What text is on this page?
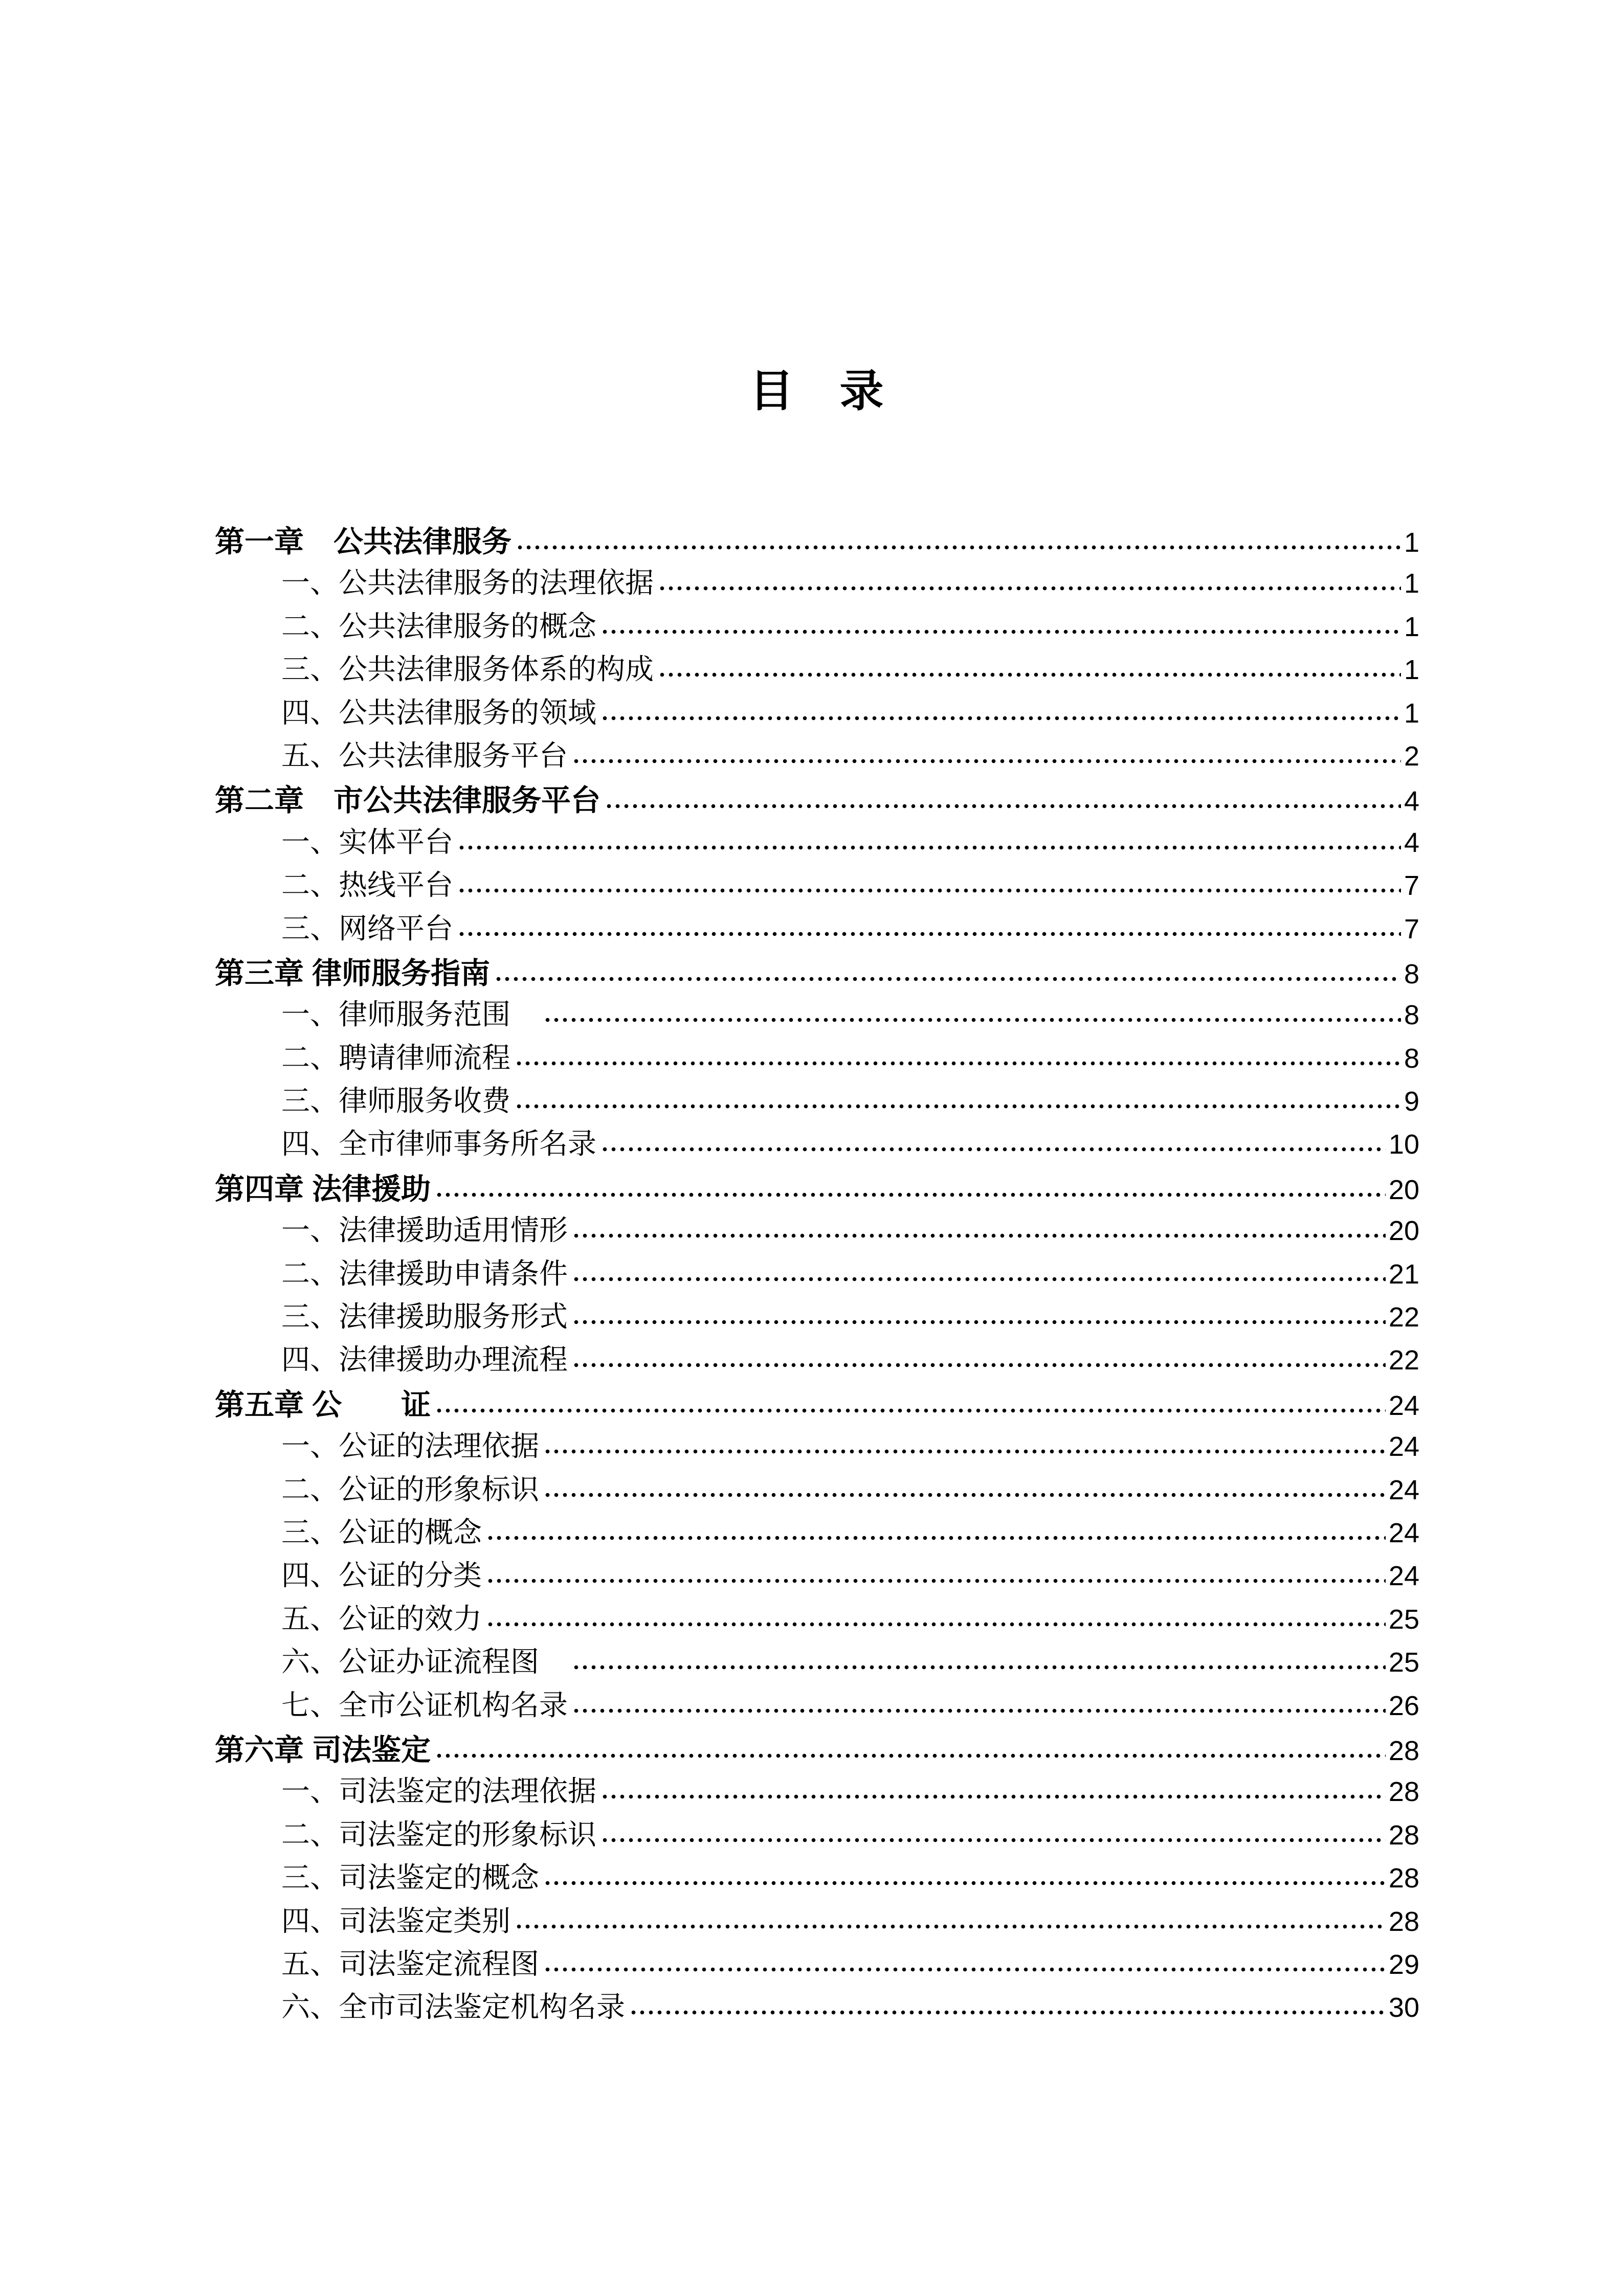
目　录
第一章　公共法律服务	1
一、公共法律服务的法理依据	1
二、公共法律服务的概念	1
三、公共法律服务体系的构成	1
四、公共法律服务的领域	1
五、公共法律服务平台	2
第二章　市公共法律服务平台	4
一、实体平台	4
二、热线平台	7
三、网络平台	7
第三章 律师服务指南	8
一、律师服务范围　	8
二、聘请律师流程	8
三、律师服务收费	9
四、全市律师事务所名录	10
第四章 法律援助	20
一、法律援助适用情形	20
二、法律援助申请条件	21
三、法律援助服务形式	22
四、法律援助办理流程	22
第五章 公　　证	24
一、公证的法理依据	24
二、公证的形象标识	24
三、公证的概念	24
四、公证的分类	24
五、公证的效力	25
六、公证办证流程图　	25
七、全市公证机构名录	26
第六章 司法鉴定	28
一、司法鉴定的法理依据	28
二、司法鉴定的形象标识	28
三、司法鉴定的概念	28
四、司法鉴定类别	28
五、司法鉴定流程图	29
六、全市司法鉴定机构名录	30
